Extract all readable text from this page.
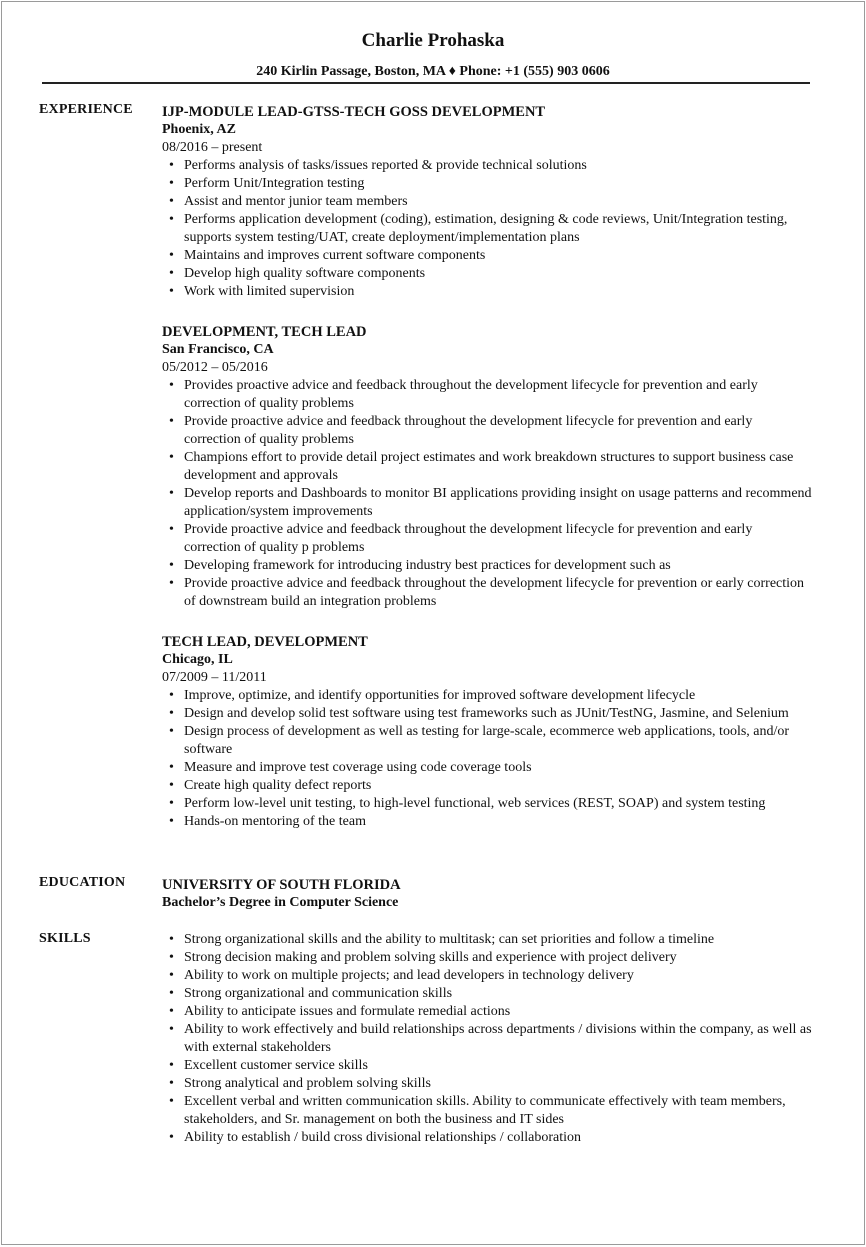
Charlie Prohaska
240 Kirlin Passage, Boston, MA ♦ Phone: +1 (555) 903 0606
EXPERIENCE IJP-MODULE LEAD-GTSS-TECH GOSS DEVELOPMENT
Phoenix, AZ
08/2016 – present
• Performs analysis of tasks/issues reported & provide technical solutions
• Perform Unit/Integration testing
• Assist and mentor junior team members
• Performs application development (coding), estimation, designing & code reviews, Unit/Integration testing, supports system testing/UAT, create deployment/implementation plans
• Maintains and improves current software components
• Develop high quality software components
• Work with limited supervision
DEVELOPMENT, TECH LEAD
San Francisco, CA
05/2012 – 05/2016
• Provides proactive advice and feedback throughout the development lifecycle for prevention and early correction of quality problems
• Provide proactive advice and feedback throughout the development lifecycle for prevention and early correction of quality problems
• Champions effort to provide detail project estimates and work breakdown structures to support business case development and approvals
• Develop reports and Dashboards to monitor BI applications providing insight on usage patterns and recommend application/system improvements
• Provide proactive advice and feedback throughout the development lifecycle for prevention and early correction of quality p problems
• Developing framework for introducing industry best practices for development such as
• Provide proactive advice and feedback throughout the development lifecycle for prevention or early correction of downstream build an integration problems
TECH LEAD, DEVELOPMENT
Chicago, IL
07/2009 – 11/2011
• Improve, optimize, and identify opportunities for improved software development lifecycle
• Design and develop solid test software using test frameworks such as JUnit/TestNG, Jasmine, and Selenium
• Design process of development as well as testing for large-scale, ecommerce web applications, tools, and/or software
• Measure and improve test coverage using code coverage tools
• Create high quality defect reports
• Perform low-level unit testing, to high-level functional, web services (REST, SOAP) and system testing
• Hands-on mentoring of the team
EDUCATION	UNIVERSITY OF SOUTH FLORIDA
Bachelor’s Degree in Computer Science
SKILLS
•	Strong organizational skills and the ability to multitask; can set priorities and follow a timeline
• Strong decision making and problem solving skills and experience with project delivery
• Ability to work on multiple projects; and lead developers in technology delivery
• Strong organizational and communication skills
• Ability to anticipate issues and formulate remedial actions
• Ability to work effectively and build relationships across departments / divisions within the company, as well as with external stakeholders
• Excellent customer service skills
• Strong analytical and problem solving skills
• Excellent verbal and written communication skills. Ability to communicate effectively with team members, stakeholders, and Sr. management on both the business and IT sides
• Ability to establish / build cross divisional relationships / collaboration
